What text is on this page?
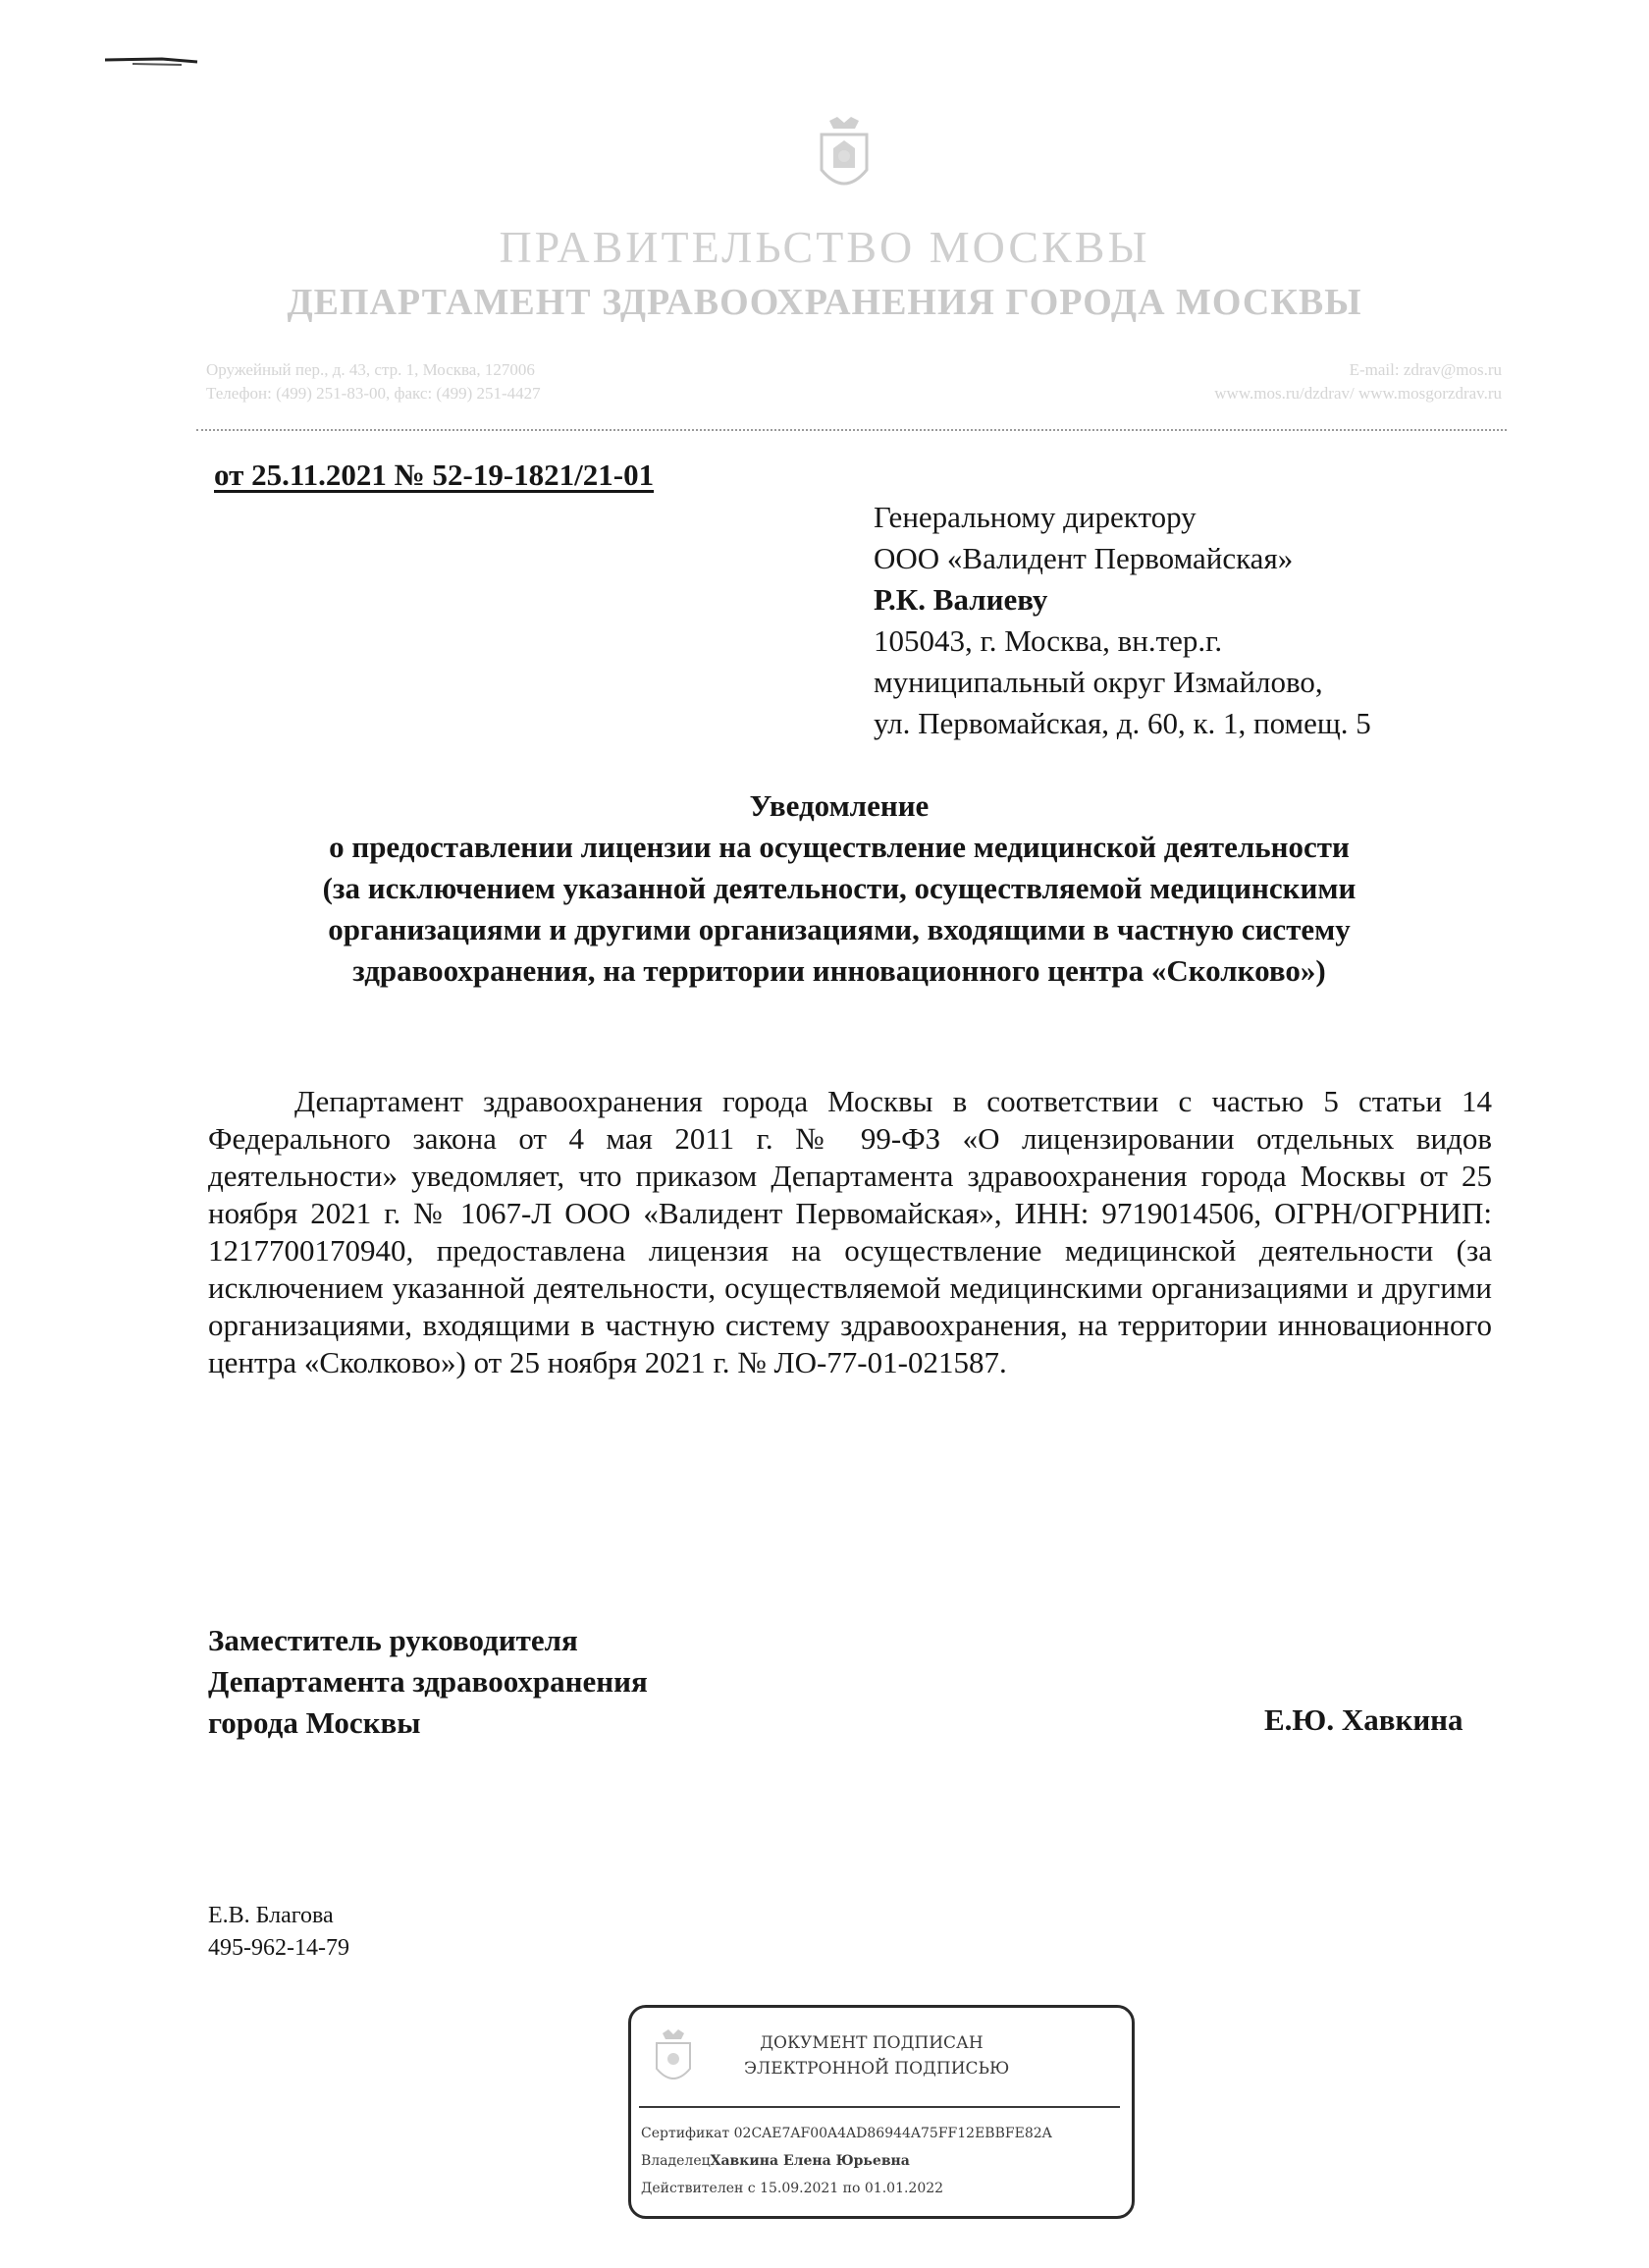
ПРАВИТЕЛЬСТВО МОСКВЫ
ДЕПАРТАМЕНТ ЗДРАВООХРАНЕНИЯ ГОРОДА МОСКВЫ
Оружейный пер., д. 43, стр. 1, Москва, 127006
Телефон: (499) 251-83-00, факс: (499) 251-4427
E-mail: zdrav@mos.ru
www.mos.ru/dzdrav/ www.mosgorzdrav.ru
от 25.11.2021 № 52-19-1821/21-01
Генеральному директору
ООО «Валидент Первомайская»
Р.К. Валиеву
105043, г. Москва, вн.тер.г.
муниципальный округ Измайлово,
ул. Первомайская, д. 60, к. 1, помещ. 5
Уведомление
о предоставлении лицензии на осуществление медицинской деятельности
(за исключением указанной деятельности, осуществляемой медицинскими
организациями и другими организациями, входящими в частную систему
здравоохранения, на территории инновационного центра «Сколково»)
Департамент здравоохранения города Москвы в соответствии с частью 5 статьи 14 Федерального закона от 4 мая 2011 г. № 99-ФЗ «О лицензировании отдельных видов деятельности» уведомляет, что приказом Департамента здравоохранения города Москвы от 25 ноября 2021 г. № 1067-Л ООО «Валидент Первомайская», ИНН: 9719014506, ОГРН/ОГРНИП: 1217700170940, предоставлена лицензия на осуществление медицинской деятельности (за исключением указанной деятельности, осуществляемой медицинскими организациями и другими организациями, входящими в частную систему здравоохранения, на территории инновационного центра «Сколково») от 25 ноября 2021 г. № ЛО-77-01-021587.
Заместитель руководителя
Департамента здравоохранения
города Москвы	Е.Ю. Хавкина
Е.В. Благова
495-962-14-79
ДОКУМЕНТ ПОДПИСАН
ЭЛЕКТРОННОЙ ПОДПИСЬЮ
Сертификат 02CAE7AF00A4AD86944A75FF12EBBFE82A
ВладелецХавкина Елена Юрьевна
Действителен с 15.09.2021 по 01.01.2022
